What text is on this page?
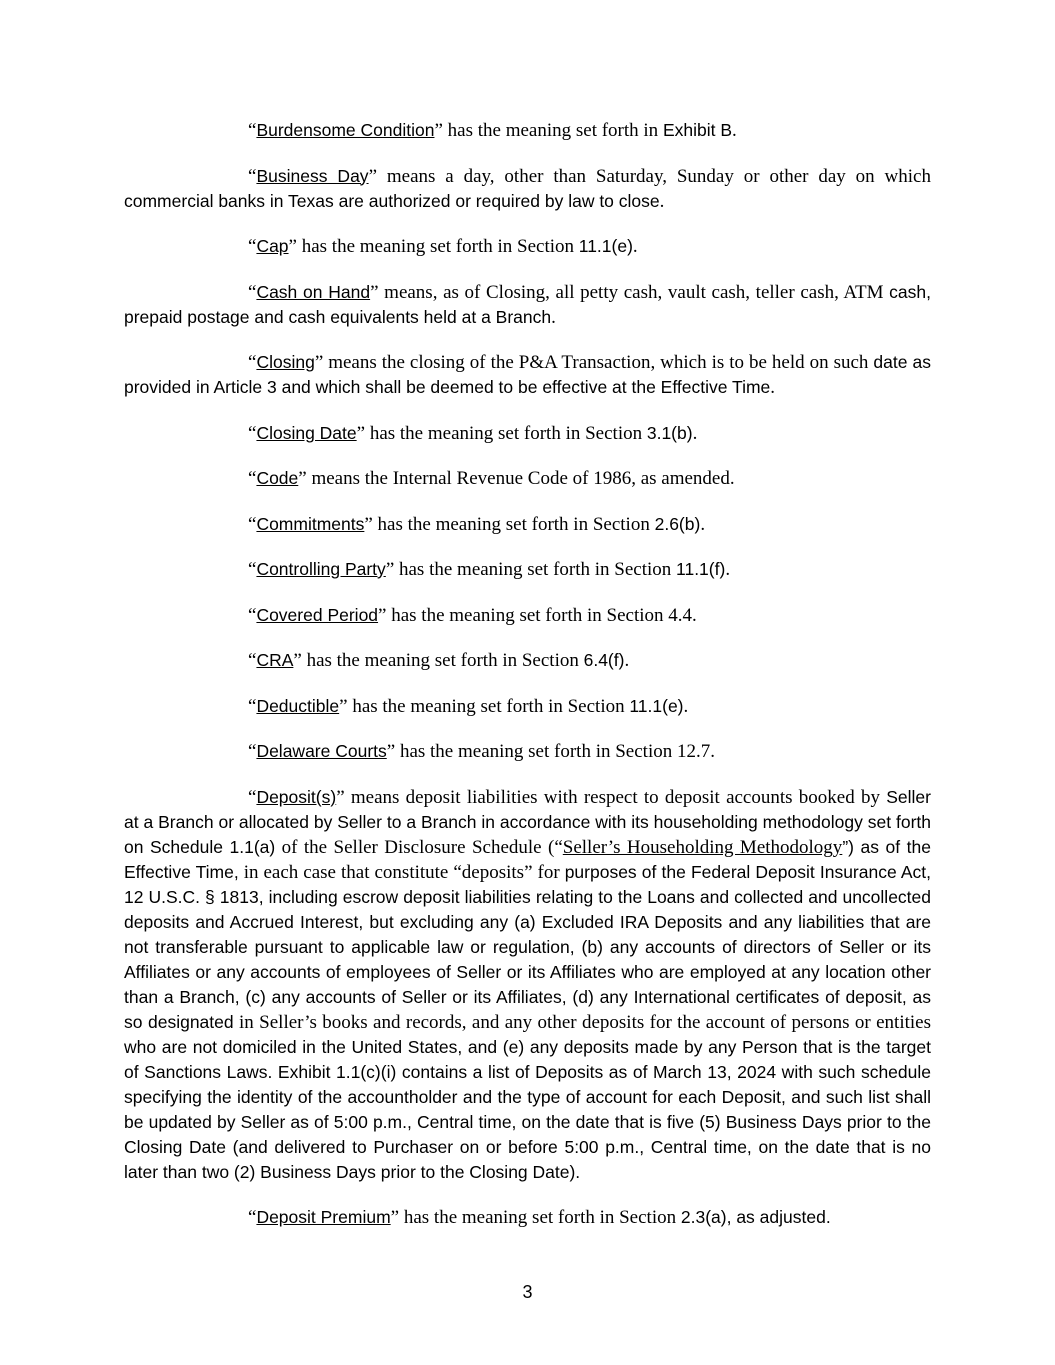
“Burdensome Condition” has the meaning set forth in Exhibit B.

“Business Day” means a day, other than Saturday, Sunday or other day on which commercial banks in Texas are authorized or required by law to close.

“Cap” has the meaning set forth in Section 11.1(e).

“Cash on Hand” means, as of Closing, all petty cash, vault cash, teller cash, ATM cash, prepaid postage and cash equivalents held at a Branch.

“Closing” means the closing of the P&A Transaction, which is to be held on such date as provided in Article 3 and which shall be deemed to be effective at the Effective Time.

“Closing Date” has the meaning set forth in Section 3.1(b).

“Code” means the Internal Revenue Code of 1986, as amended.

“Commitments” has the meaning set forth in Section 2.6(b).

“Controlling Party” has the meaning set forth in Section 11.1(f).

“Covered Period” has the meaning set forth in Section 4.4.

“CRA” has the meaning set forth in Section 6.4(f).

“Deductible” has the meaning set forth in Section 11.1(e).

“Delaware Courts” has the meaning set forth in Section 12.7.

“Deposit(s)” means deposit liabilities with respect to deposit accounts booked by Seller at a Branch or allocated by Seller to a Branch in accordance with its householding methodology set forth on Schedule 1.1(a) of the Seller Disclosure Schedule (“Seller’s Householding Methodology”) as of the Effective Time, in each case that constitute “deposits” for purposes of the Federal Deposit Insurance Act, 12 U.S.C. § 1813, including escrow deposit liabilities relating to the Loans and collected and uncollected deposits and Accrued Interest, but excluding any (a) Excluded IRA Deposits and any liabilities that are not transferable pursuant to applicable law or regulation, (b) any accounts of directors of Seller or its Affiliates or any accounts of employees of Seller or its Affiliates who are employed at any location other than a Branch, (c) any accounts of Seller or its Affiliates, (d) any International certificates of deposit, as so designated in Seller’s books and records, and any other deposits for the account of persons or entities who are not domiciled in the United States, and (e) any deposits made by any Person that is the target of Sanctions Laws. Exhibit 1.1(c)(i) contains a list of Deposits as of March 13, 2024 with such schedule specifying the identity of the accountholder and the type of account for each Deposit, and such list shall be updated by Seller as of 5:00 p.m., Central time, on the date that is five (5) Business Days prior to the Closing Date (and delivered to Purchaser on or before 5:00 p.m., Central time, on the date that is no later than two (2) Business Days prior to the Closing Date).

“Deposit Premium” has the meaning set forth in Section 2.3(a), as adjusted.

3
